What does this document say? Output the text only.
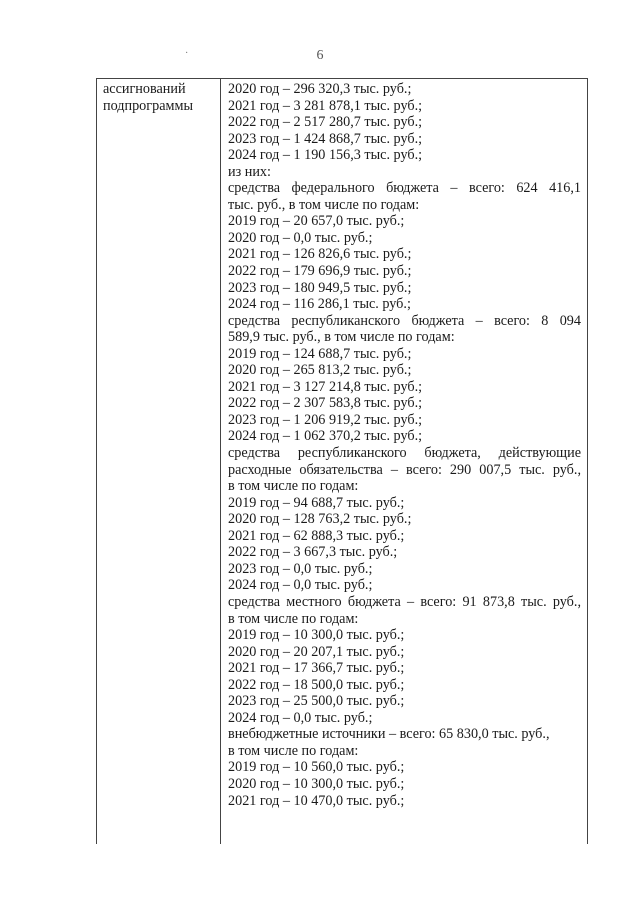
6
·
ассигнований
подпрограммы
2020 год – 296 320,3 тыс. руб.;
2021 год – 3 281 878,1 тыс. руб.;
2022 год – 2 517 280,7 тыс. руб.;
2023 год – 1 424 868,7 тыс. руб.;
2024 год – 1 190 156,3 тыс. руб.;
из них:
средства федерального бюджета – всего: 624 416,1
тыс. руб., в том числе по годам:
2019 год – 20 657,0 тыс. руб.;
2020 год – 0,0 тыс. руб.;
2021 год – 126 826,6 тыс. руб.;
2022 год – 179 696,9 тыс. руб.;
2023 год – 180 949,5 тыс. руб.;
2024 год – 116 286,1 тыс. руб.;
средства республиканского бюджета – всего: 8 094
589,9 тыс. руб., в том числе по годам:
2019 год – 124 688,7 тыс. руб.;
2020 год – 265 813,2 тыс. руб.;
2021 год – 3 127 214,8 тыс. руб.;
2022 год – 2 307 583,8 тыс. руб.;
2023 год – 1 206 919,2 тыс. руб.;
2024 год – 1 062 370,2 тыс. руб.;
средства республиканского бюджета, действующие
расходные обязательства – всего: 290 007,5 тыс. руб.,
в том числе по годам:
2019 год – 94 688,7 тыс. руб.;
2020 год – 128 763,2 тыс. руб.;
2021 год – 62 888,3 тыс. руб.;
2022 год – 3 667,3 тыс. руб.;
2023 год – 0,0 тыс. руб.;
2024 год – 0,0 тыс. руб.;
средства местного бюджета – всего: 91 873,8 тыс. руб.,
в том числе по годам:
2019 год – 10 300,0 тыс. руб.;
2020 год – 20 207,1 тыс. руб.;
2021 год – 17 366,7 тыс. руб.;
2022 год – 18 500,0 тыс. руб.;
2023 год – 25 500,0 тыс. руб.;
2024 год – 0,0 тыс. руб.;
внебюджетные источники – всего: 65 830,0 тыс. руб.,
в том числе по годам:
2019 год – 10 560,0 тыс. руб.;
2020 год – 10 300,0 тыс. руб.;
2021 год – 10 470,0 тыс. руб.;
